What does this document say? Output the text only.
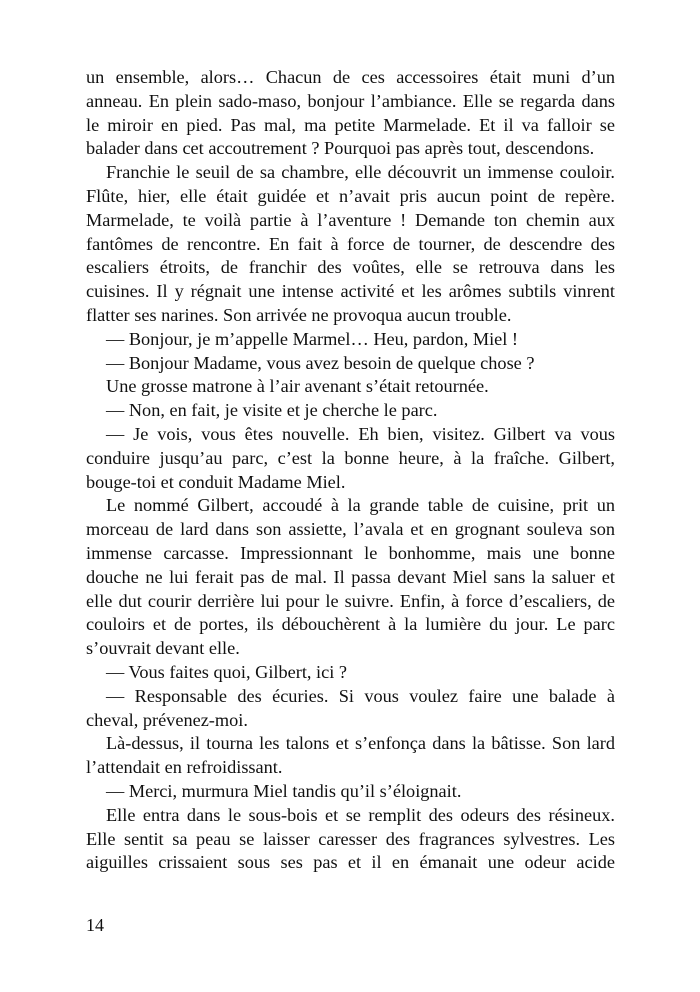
un ensemble, alors… Chacun de ces accessoires était muni d’un
anneau. En plein sado-maso, bonjour l’ambiance. Elle se regarda dans
le miroir en pied. Pas mal, ma petite Marmelade. Et il va falloir se
balader dans cet accoutrement ? Pourquoi pas après tout, descendons.
Franchie le seuil de sa chambre, elle découvrit un immense couloir.
Flûte, hier, elle était guidée et n’avait pris aucun point de repère.
Marmelade, te voilà partie à l’aventure ! Demande ton chemin aux
fantômes de rencontre. En fait à force de tourner, de descendre des
escaliers étroits, de franchir des voûtes, elle se retrouva dans les
cuisines. Il y régnait une intense activité et les arômes subtils vinrent
flatter ses narines. Son arrivée ne provoqua aucun trouble.
— Bonjour, je m’appelle Marmel… Heu, pardon, Miel !
— Bonjour Madame, vous avez besoin de quelque chose ?
Une grosse matrone à l’air avenant s’était retournée.
— Non, en fait, je visite et je cherche le parc.
— Je vois, vous êtes nouvelle. Eh bien, visitez. Gilbert va vous
conduire jusqu’au parc, c’est la bonne heure, à la fraîche. Gilbert,
bouge-toi et conduit Madame Miel.
Le nommé Gilbert, accoudé à la grande table de cuisine, prit un
morceau de lard dans son assiette, l’avala et en grognant souleva son
immense carcasse. Impressionnant le bonhomme, mais une bonne
douche ne lui ferait pas de mal. Il passa devant Miel sans la saluer et
elle dut courir derrière lui pour le suivre. Enfin, à force d’escaliers, de
couloirs et de portes, ils débouchèrent à la lumière du jour. Le parc
s’ouvrait devant elle.
— Vous faites quoi, Gilbert, ici ?
— Responsable des écuries. Si vous voulez faire une balade à
cheval, prévenez-moi.
Là-dessus, il tourna les talons et s’enfonça dans la bâtisse. Son lard
l’attendait en refroidissant.
— Merci, murmura Miel tandis qu’il s’éloignait.
Elle entra dans le sous-bois et se remplit des odeurs des résineux.
Elle sentit sa peau se laisser caresser des fragrances sylvestres. Les
aiguilles crissaient sous ses pas et il en émanait une odeur acide
14
